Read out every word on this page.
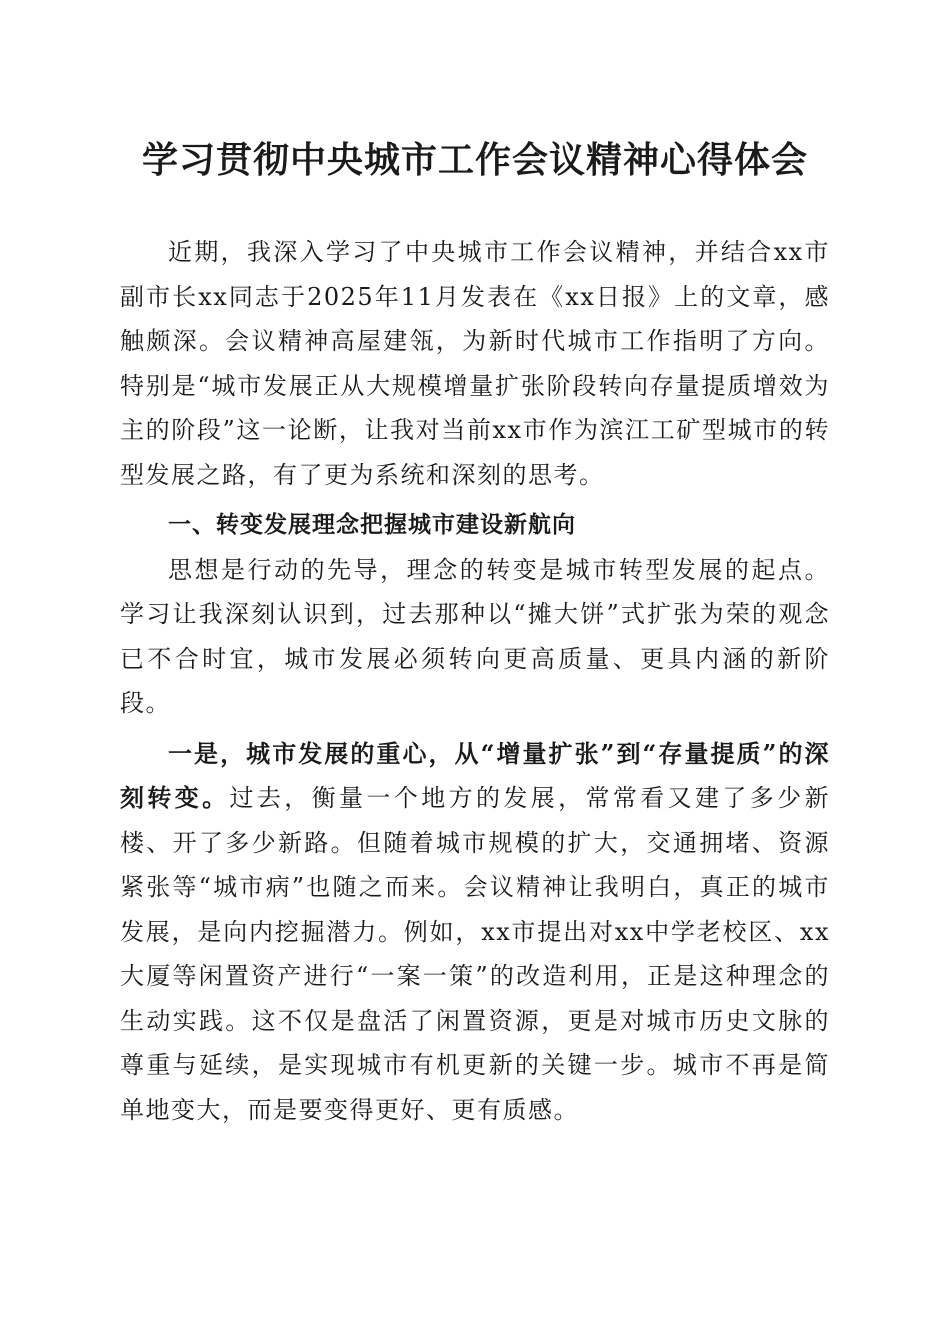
学习贯彻中央城市工作会议精神心得体会

近期，我深入学习了中央城市工作会议精神，并结合xx市副市长xx同志于2025年11月发表在《xx日报》上的文章，感触颇深。会议精神高屋建瓴，为新时代城市工作指明了方向。特别是“城市发展正从大规模增量扩张阶段转向存量提质增效为主的阶段”这一论断，让我对当前xx市作为滨江工矿型城市的转型发展之路，有了更为系统和深刻的思考。

一、转变发展理念把握城市建设新航向

思想是行动的先导，理念的转变是城市转型发展的起点。学习让我深刻认识到，过去那种以“摊大饼”式扩张为荣的观念已不合时宜，城市发展必须转向更高质量、更具内涵的新阶段。

一是，城市发展的重心，从“增量扩张”到“存量提质”的深刻转变。过去，衡量一个地方的发展，常常看又建了多少新楼、开了多少新路。但随着城市规模的扩大，交通拥堵、资源紧张等“城市病”也随之而来。会议精神让我明白，真正的城市发展，是向内挖掘潜力。例如，xx市提出对xx中学老校区、xx大厦等闲置资产进行“一案一策”的改造利用，正是这种理念的生动实践。这不仅是盘活了闲置资源，更是对城市历史文脉的尊重与延续，是实现城市有机更新的关键一步。城市不再是简单地变大，而是要变得更好、更有质感。
